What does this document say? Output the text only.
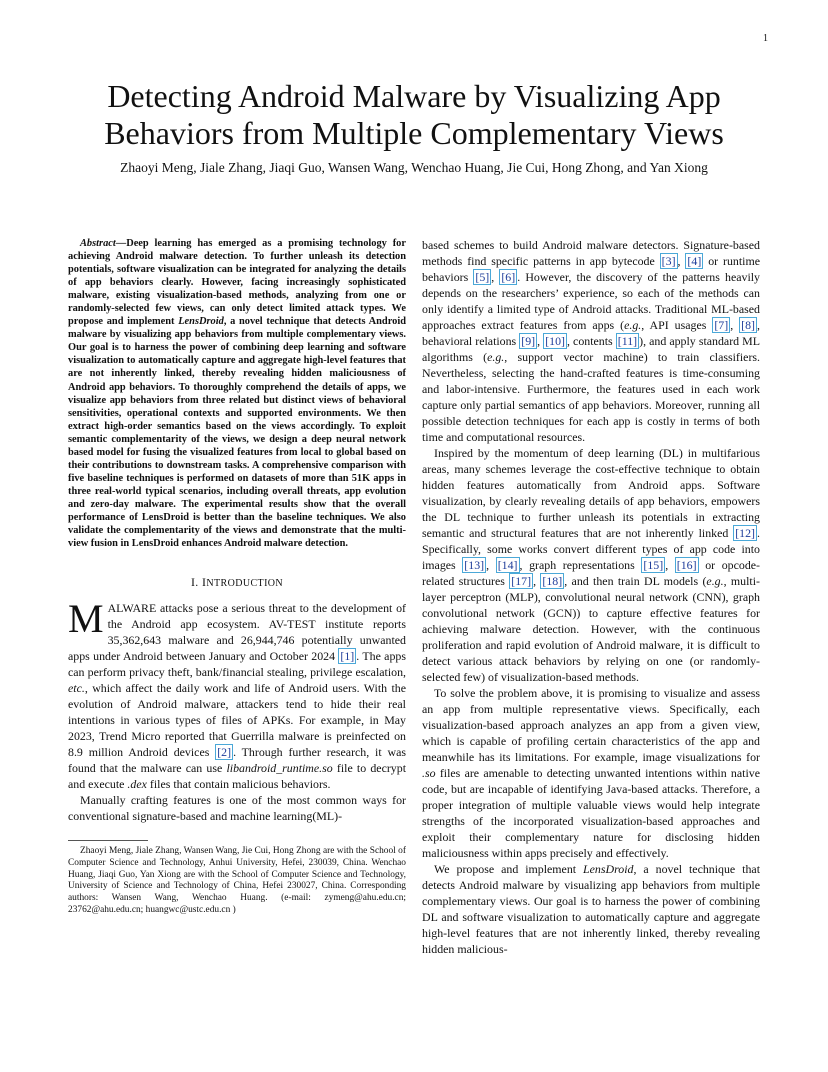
1
Detecting Android Malware by Visualizing App
Behaviors from Multiple Complementary Views
Zhaoyi Meng, Jiale Zhang, Jiaqi Guo, Wansen Wang, Wenchao Huang, Jie Cui, Hong Zhong, and Yan Xiong

Abstract—Deep learning has emerged as a promising technology for achieving Android malware detection. To further unleash its detection potentials, software visualization can be integrated for analyzing the details of app behaviors clearly. However, facing increasingly sophisticated malware, existing visualization-based methods, analyzing from one or randomly-selected few views, can only detect limited attack types. We propose and implement LensDroid, a novel technique that detects Android malware by visualizing app behaviors from multiple complementary views. Our goal is to harness the power of combining deep learning and software visualization to automatically capture and aggregate high-level features that are not inherently linked, thereby revealing hidden maliciousness of Android app behaviors. To thoroughly comprehend the details of apps, we visualize app behaviors from three related but distinct views of behavioral sensitivities, operational contexts and supported environments. We then extract high-order semantics based on the views accordingly. To exploit semantic complementarity of the views, we design a deep neural network based model for fusing the visualized features from local to global based on their contributions to downstream tasks. A comprehensive comparison with five baseline techniques is performed on datasets of more than 51K apps in three real-world typical scenarios, including overall threats, app evolution and zero-day malware. The experimental results show that the overall performance of LensDroid is better than the baseline techniques. We also validate the complementarity of the views and demonstrate that the multi-view fusion in LensDroid enhances Android malware detection.

I. INTRODUCTION

MALWARE attacks pose a serious threat to the development of the Android app ecosystem. AV-TEST institute reports 35,362,643 malware and 26,944,746 potentially unwanted apps under Android between January and October 2024 [1] . The apps can perform privacy theft, bank/financial stealing, privilege escalation, etc., which affect the daily work and life of Android users. With the evolution of Android malware, attackers tend to hide their real intentions in various types of files of APKs. For example, in May 2023, Trend Micro reported that Guerrilla malware is preinfected on 8.9 million Android devices [2] . Through further research, it was found that the malware can use libandroid_runtime.so file to decrypt and execute .dex files that contain malicious behaviors.

Manually crafting features is one of the most common ways for conventional signature-based and machine learning(ML)-

Zhaoyi Meng, Jiale Zhang, Wansen Wang, Jie Cui, Hong Zhong are with the School of Computer Science and Technology, Anhui University, Hefei, 230039, China. Wenchao Huang, Jiaqi Guo, Yan Xiong are with the School of Computer Science and Technology, University of Science and Technology of China, Hefei 230027, China. Corresponding authors: Wansen Wang, Wenchao Huang. (e-mail: zymeng@ahu.edu.cn; 23762@ahu.edu.cn; huangwc@ustc.edu.cn )

based schemes to build Android malware detectors. Signature-based methods find specific patterns in app bytecode [3] , [4] or runtime behaviors [5] , [6] . However, the discovery of the patterns heavily depends on the researchers’ experience, so each of the methods can only identify a limited type of Android attacks. Traditional ML-based approaches extract features from apps (e.g., API usages [7] , [8] , behavioral relations [9] , [10] , contents [11] ), and apply standard ML algorithms (e.g., support vector machine) to train classifiers. Nevertheless, selecting the hand-crafted features is time-consuming and labor-intensive. Furthermore, the features used in each work capture only partial semantics of app behaviors. Moreover, running all possible detection techniques for each app is costly in terms of both time and computational resources.

Inspired by the momentum of deep learning (DL) in multifarious areas, many schemes leverage the cost-effective technique to obtain hidden features automatically from Android apps. Software visualization, by clearly revealing details of app behaviors, empowers the DL technique to further unleash its potentials in extracting semantic and structural features that are not inherently linked [12] . Specifically, some works convert different types of app code into images [13] , [14] , graph representations [15] , [16] or opcode-related structures [17] , [18] , and then train DL models (e.g., multi-layer perceptron (MLP), convolutional neural network (CNN), graph convolutional network (GCN)) to capture effective features for achieving malware detection. However, with the continuous proliferation and rapid evolution of Android malware, it is difficult to detect various attack behaviors by relying on one (or randomly-selected few) of visualization-based methods.

To solve the problem above, it is promising to visualize and assess an app from multiple representative views. Specifically, each visualization-based approach analyzes an app from a given view, which is capable of profiling certain characteristics of the app and meanwhile has its limitations. For example, image visualizations for .so files are amenable to detecting unwanted intentions within native code, but are incapable of identifying Java-based attacks. Therefore, a proper integration of multiple valuable views would help integrate strengths of the incorporated visualization-based approaches and exploit their complementary nature for disclosing hidden maliciousness within apps precisely and effectively.

We propose and implement LensDroid, a novel technique that detects Android malware by visualizing app behaviors from multiple complementary views. Our goal is to harness the power of combining DL and software visualization to automatically capture and aggregate high-level features that are not inherently linked, thereby revealing hidden malicious-
